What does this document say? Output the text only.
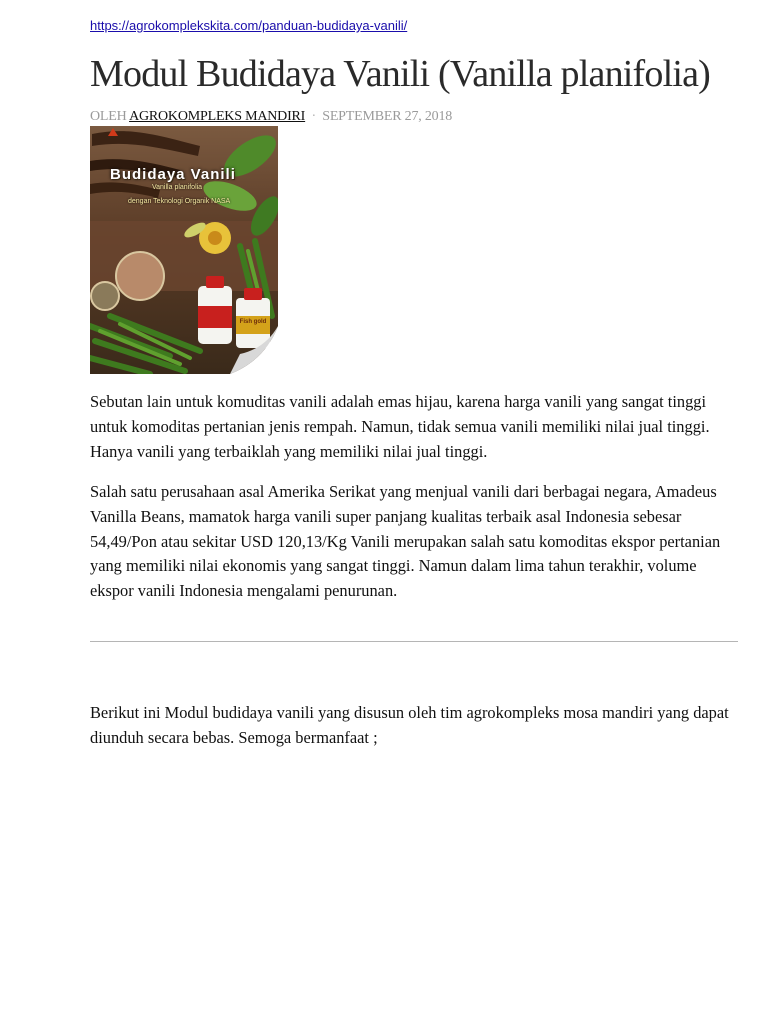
https://agrokomplekskita.com/panduan-budidaya-vanili/
Modul Budidaya Vanili (Vanilla planifolia)
OLEH AGROKOMPLEKS MANDIRI · SEPTEMBER 27, 2018
Budidaya Vanili
Vanilla planifolia
dengan Teknologi Organik NASA
Fish gold

Sebutan lain untuk komuditas vanili adalah emas hijau, karena harga vanili yang sangat tinggi untuk komoditas pertanian jenis rempah. Namun, tidak semua vanili memiliki nilai jual tinggi. Hanya vanili yang terbaiklah yang memiliki nilai jual tinggi.

Salah satu perusahaan asal Amerika Serikat yang menjual vanili dari berbagai negara, Amadeus Vanilla Beans, mamatok harga vanili super panjang kualitas terbaik asal Indonesia sebesar 54,49/Pon atau sekitar USD 120,13/Kg Vanili merupakan salah satu komoditas ekspor pertanian yang memiliki nilai ekonomis yang sangat tinggi. Namun dalam lima tahun terakhir, volume ekspor vanili Indonesia mengalami penurunan.

Berikut ini Modul budidaya vanili yang disusun oleh tim agrokompleks mosa mandiri yang dapat diunduh secara bebas. Semoga bermanfaat ;
